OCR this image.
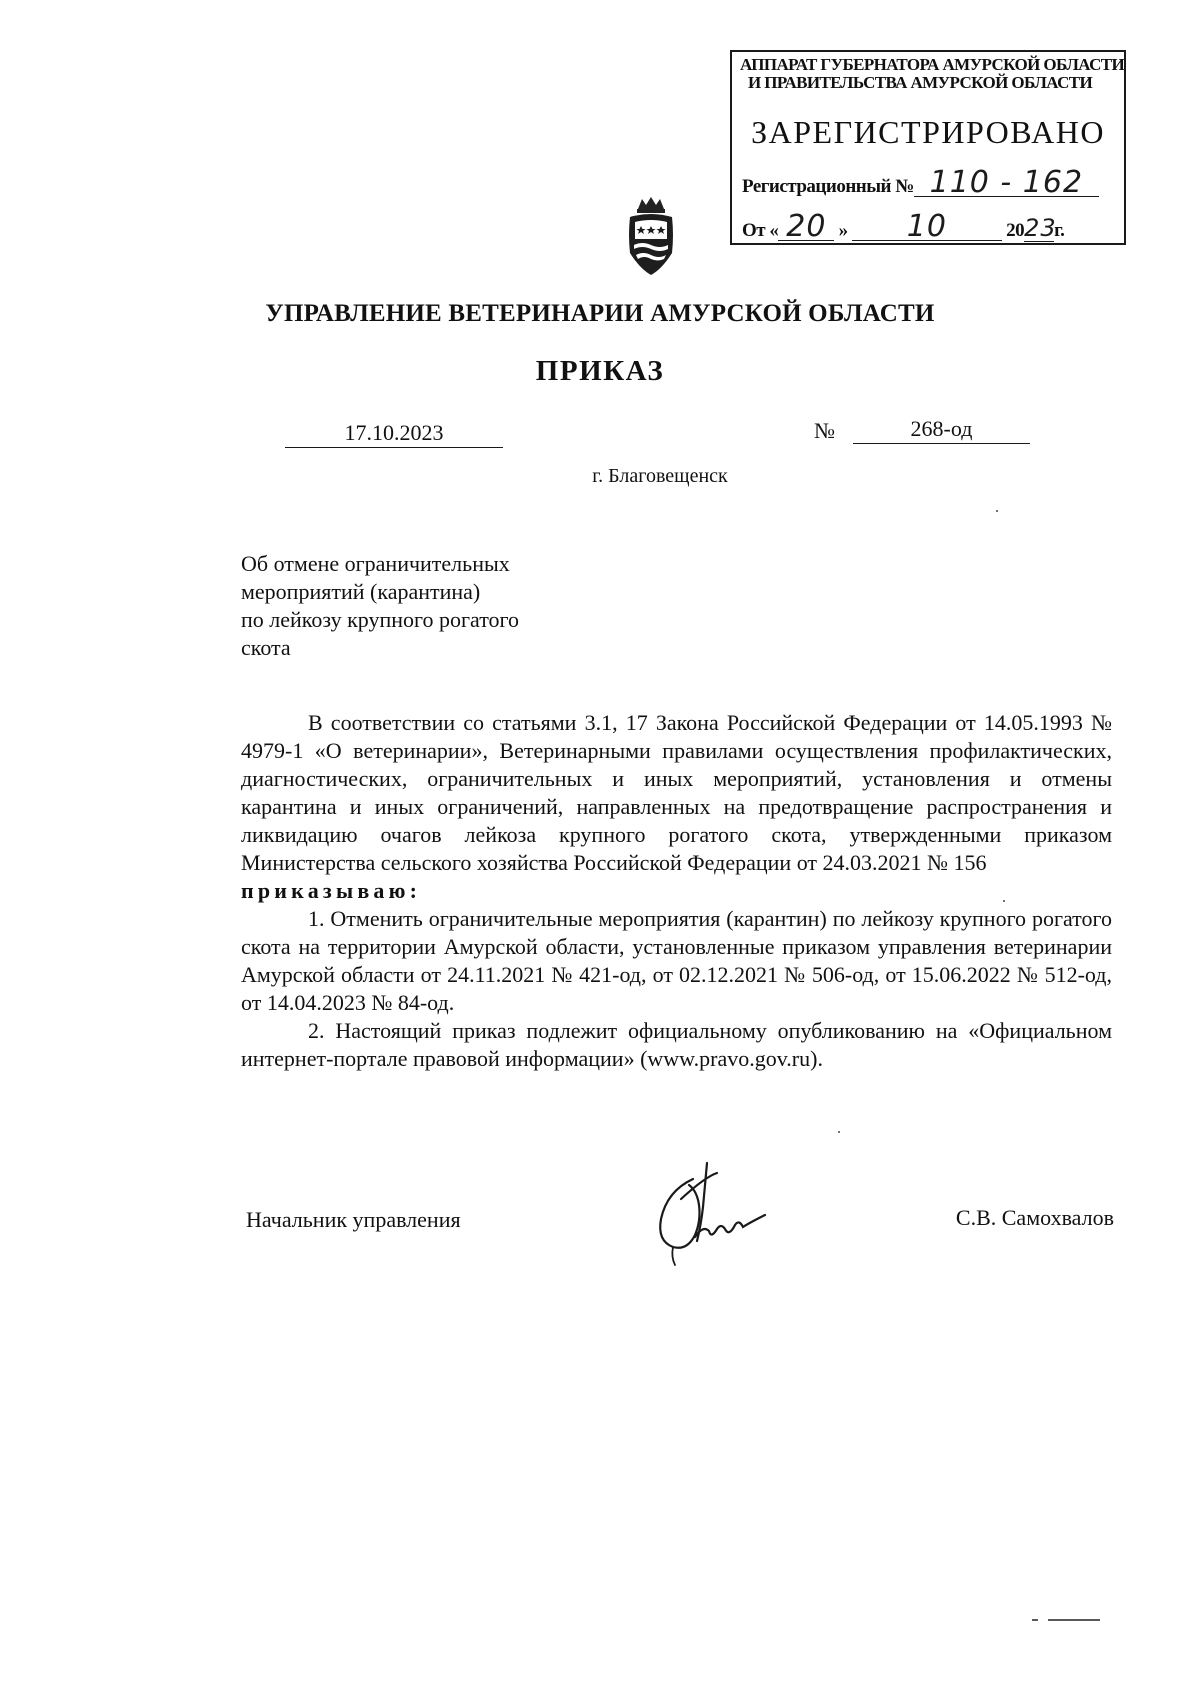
АППАРАТ ГУБЕРНАТОРА АМУРСКОЙ ОБЛАСТИ
И ПРАВИТЕЛЬСТВА АМУРСКОЙ ОБЛАСТИ
ЗАРЕГИСТРИРОВАНО
Регистрационный № 110 - 162
От « 20 » 10	2023г.
УПРАВЛЕНИЕ ВЕТЕРИНАРИИ АМУРСКОЙ ОБЛАСТИ
ПРИКАЗ
17.10.2023	№	268-од
г. Благовещенск
Об отмене ограничительных
мероприятий (карантина)
по лейкозу крупного рогатого
скота

В соответствии со статьями 3.1, 17 Закона Российской Федерации от 14.05.1993 № 4979-1 «О ветеринарии», Ветеринарными правилами осуществления профилактических, диагностических, ограничительных и иных мероприятий, установления и отмены карантина и иных ограничений, направленных на предотвращение распространения и ликвидацию очагов лейкоза крупного рогатого скота, утвержденными приказом Министерства сельского хозяйства Российской Федерации от 24.03.2021 № 156

приказываю:

1. Отменить ограничительные мероприятия (карантин) по лейкозу крупного рогатого скота на территории Амурской области, установленные приказом управления ветеринарии Амурской области от 24.11.2021 № 421-од, от 02.12.2021 № 506-од, от 15.06.2022 № 512-од, от 14.04.2023 № 84-од.

2. Настоящий приказ подлежит официальному опубликованию на «Официальном интернет-портале правовой информации» (www.pravo.gov.ru).

Начальник управления	С.В. Самохвалов
